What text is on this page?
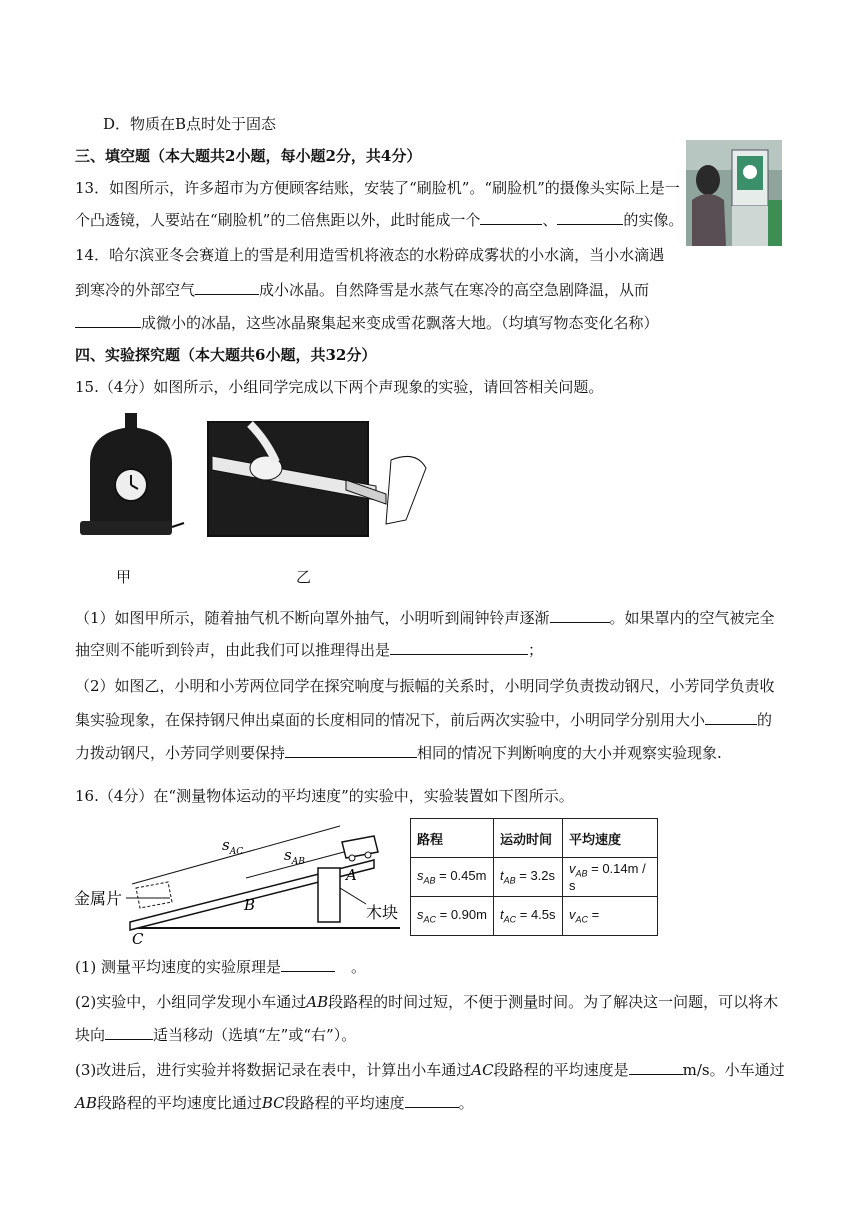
D．物质在B点时处于固态
三、填空题（本大题共2小题，每小题2分，共4分）
13．如图所示，许多超市为方便顾客结账，安装了“刷脸机”。“刷脸机”的摄像头实际上是一
个凸透镜，人要站在“刷脸机”的二倍焦距以外，此时能成一个	、	的实像。
14．哈尔滨亚冬会赛道上的雪是利用造雪机将液态的水粉碎成雾状的小水滴，当小水滴遇
到寒冷的外部空气	成小冰晶。自然降雪是水蒸气在寒冷的高空急剧降温，从而
成微小的冰晶，这些冰晶聚集起来变成雪花飘落大地。（均填写物态变化名称）
四、实验探究题（本大题共6小题，共32分）
15.（4分）如图所示，小组同学完成以下两个声现象的实验，请回答相关问题。
甲	乙
（1）如图甲所示，随着抽气机不断向罩外抽气，小明听到闹钟铃声逐渐	。如果罩内的空气被完全
抽空则不能听到铃声，由此我们可以推理得出是	；
（2）如图乙，小明和小芳两位同学在探究响度与振幅的关系时，小明同学负责拨动钢尺，小芳同学负责收
集实验现象，在保持钢尺伸出桌面的长度相同的情况下，前后两次实验中，小明同学分别用大小	的
力拨动钢尺，小芳同学则要保持	相同的情况下判断响度的大小并观察实验现象.
16.（4分）在“测量物体运动的平均速度”的实验中，实验装置如下图所示。
$s_{AC}$	$s_{AB}$
A
B
C
金属片
木块
路程	运动时间	平均速度
$s_{AB} = 0.45m$	$t_{AB} = 3.2s$	$v_{AB} = 0.14m / s$
$s_{AC} = 0.90m$	$t_{AC} = 4.5s$	$v_{AC}$ =
(1) 测量平均速度的实验原理是	。
(2)实验中，小组同学发现小车通过AB段路程的时间过短，不便于测量时间。为了解决这一问题，可以将木
块向	适当移动（选填“左”或“右”）。
(3)改进后，进行实验并将数据记录在表中，计算出小车通过AC段路程的平均速度是	m/s。小车通过
AB段路程的平均速度比通过BC段路程的平均速度	。
